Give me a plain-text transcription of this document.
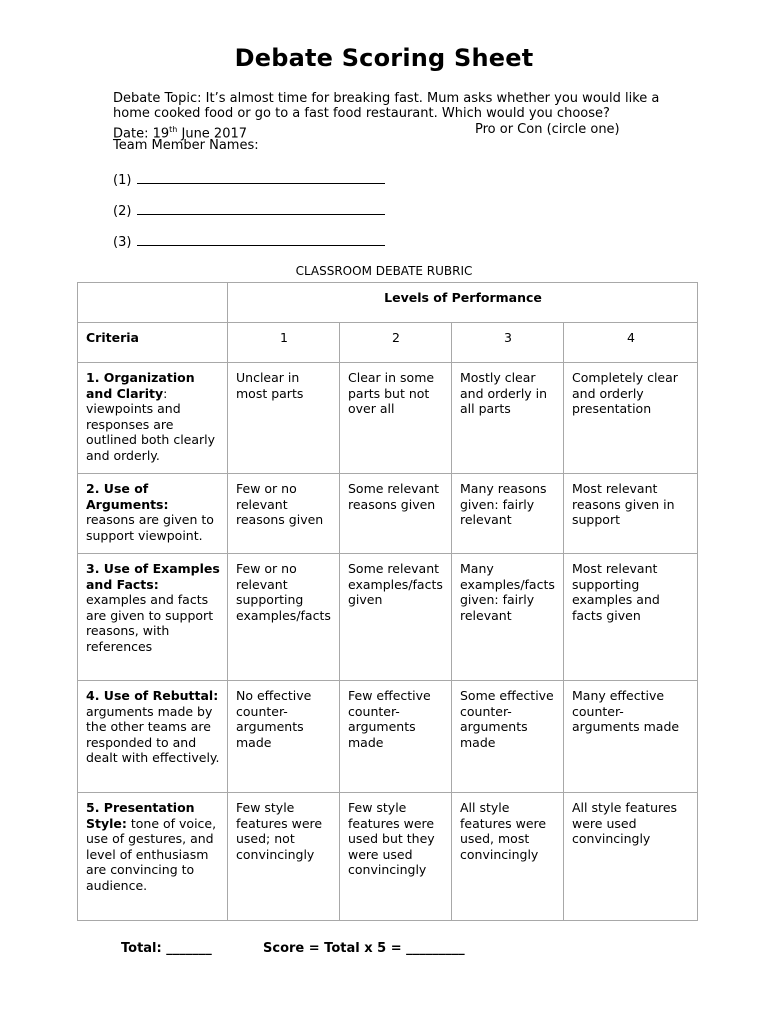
Debate Scoring Sheet
Debate Topic: It’s almost time for breaking fast. Mum asks whether you would like a
home cooked food or go to a fast food restaurant. Which would you choose?
Date: 19th June 2017	Pro or Con (circle one)
Team Member Names:
(1)
(2)
(3)
CLASSROOM DEBATE RUBRIC
	Levels of Performance			
Criteria	1	2	3	4
1. Organization and Clarity: viewpoints and responses are outlined both clearly and orderly.	Unclear in most parts	Clear in some parts but not over all	Mostly clear and orderly in all parts	Completely clear and orderly presentation
2. Use of Arguments: reasons are given to support viewpoint.	Few or no relevant reasons given	Some relevant reasons given	Many reasons given: fairly relevant	Most relevant reasons given in support
3. Use of Examples and Facts: examples and facts are given to support reasons, with references	Few or no relevant supporting examples/facts	Some relevant examples/facts given	Many examples/facts given: fairly relevant	Most relevant supporting examples and facts given
4. Use of Rebuttal: arguments made by the other teams are responded to and dealt with effectively.	No effective counter-arguments made	Few effective counter-arguments made	Some effective counter-arguments made	Many effective counter-arguments made
5. Presentation Style: tone of voice, use of gestures, and level of enthusiasm are convincing to audience.	Few style features were used; not convincingly	Few style features were used but they were used convincingly	All style features were used, most convincingly	All style features were used convincingly
Total: _______	Score = Total x 5 = _________
